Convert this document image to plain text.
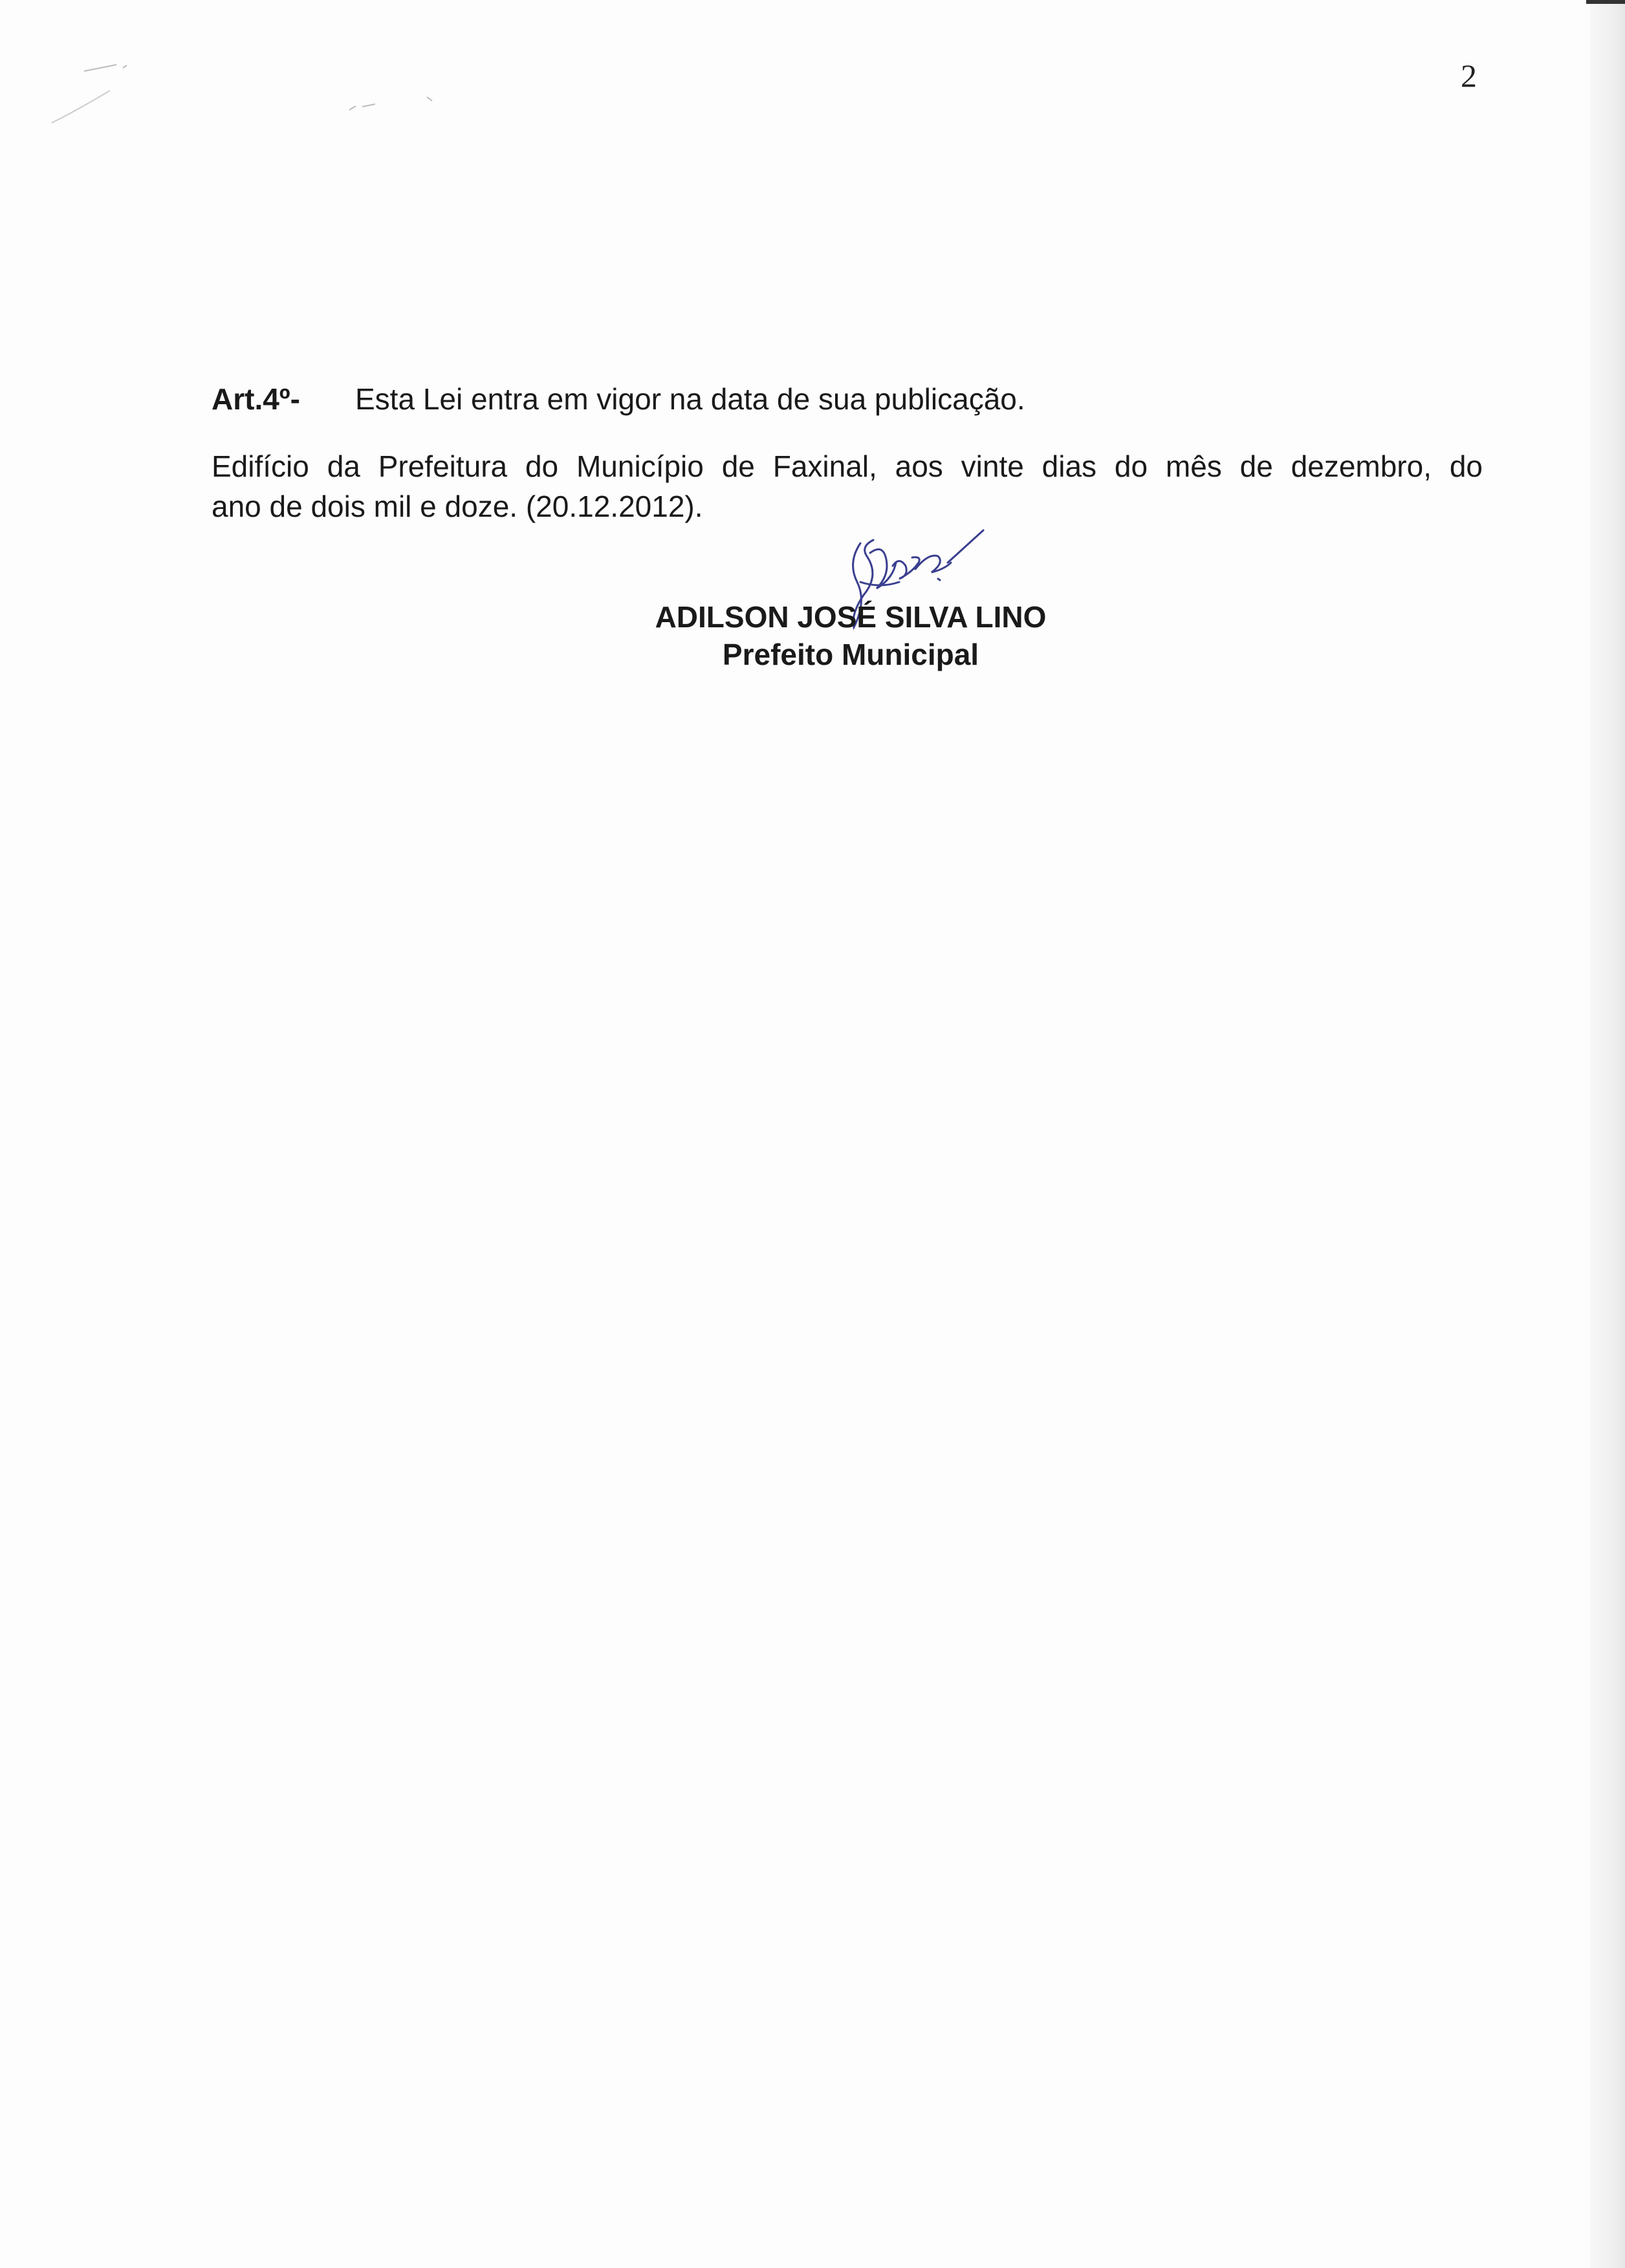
2
Art.4º- Esta Lei entra em vigor na data de sua publicação.
Edifício da Prefeitura do Município de Faxinal, aos vinte dias do mês de dezembro, do
ano de dois mil e doze. (20.12.2012).
ADILSON JOSÉ SILVA LINO
Prefeito Municipal
